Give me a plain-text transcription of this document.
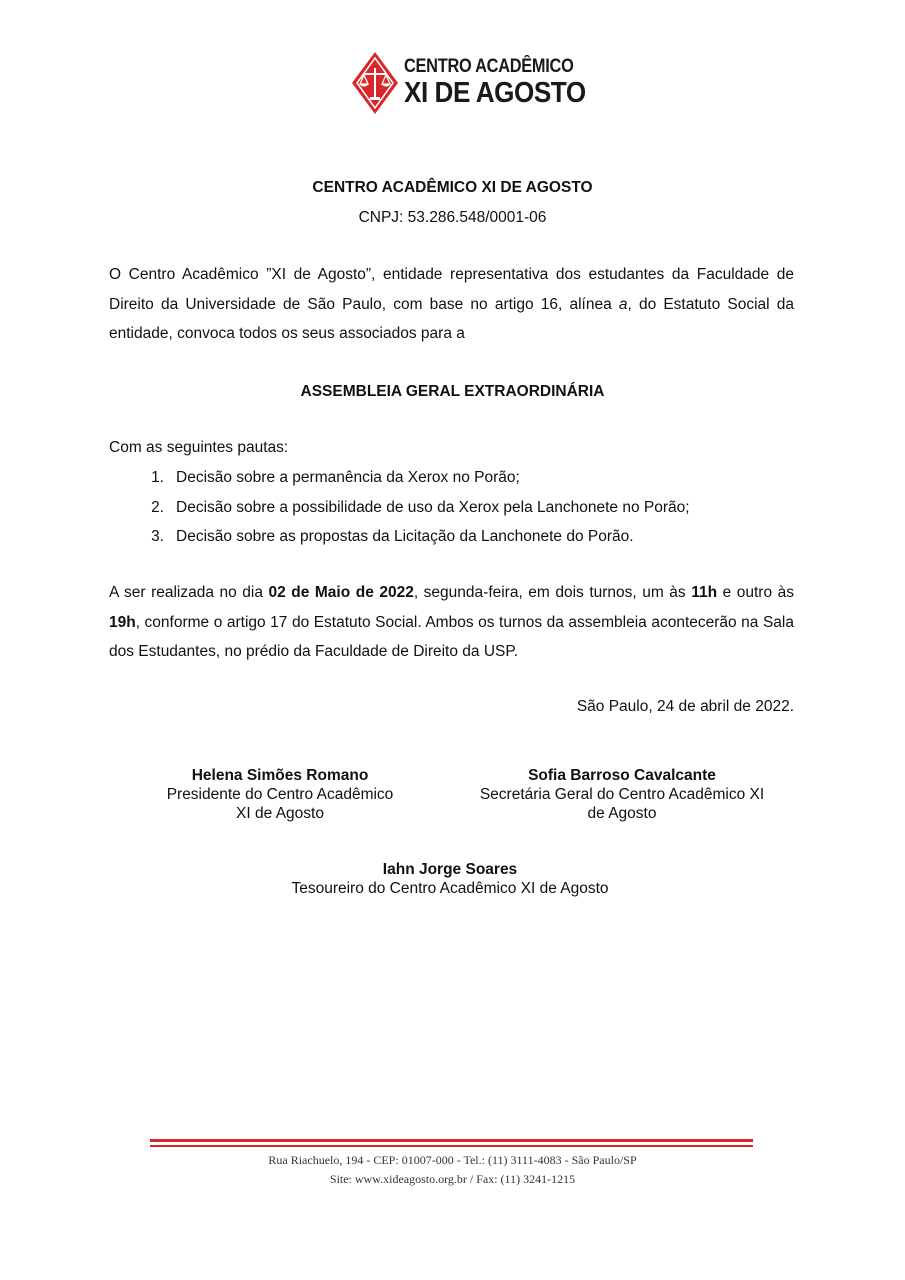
CENTRO ACADÊMICO
XI DE AGOSTO
CENTRO ACADÊMICO XI DE AGOSTO
CNPJ: 53.286.548/0001-06
O Centro Acadêmico ”XI de Agosto”, entidade representativa dos estudantes da Faculdade de Direito da Universidade de São Paulo, com base no artigo 16, alínea a, do Estatuto Social da entidade, convoca todos os seus associados para a
ASSEMBLEIA GERAL EXTRAORDINÁRIA
Com as seguintes pautas:
1. Decisão sobre a permanência da Xerox no Porão;
2. Decisão sobre a possibilidade de uso da Xerox pela Lanchonete no Porão;
3. Decisão sobre as propostas da Licitação da Lanchonete do Porão.
A ser realizada no dia 02 de Maio de 2022, segunda-feira, em dois turnos, um às 11h e outro às 19h, conforme o artigo 17 do Estatuto Social. Ambos os turnos da assembleia acontecerão na Sala dos Estudantes, no prédio da Faculdade de Direito da USP.
São Paulo, 24 de abril de 2022.
Helena Simões Romano
Presidente do Centro Acadêmico
XI de Agosto
Sofia Barroso Cavalcante
Secretária Geral do Centro Acadêmico XI
de Agosto
Iahn Jorge Soares
Tesoureiro do Centro Acadêmico XI de Agosto
Rua Riachuelo, 194 - CEP: 01007-000 - Tel.: (11) 3111-4083 - São Paulo/SP
Site: www.xideagosto.org.br / Fax: (11) 3241-1215
